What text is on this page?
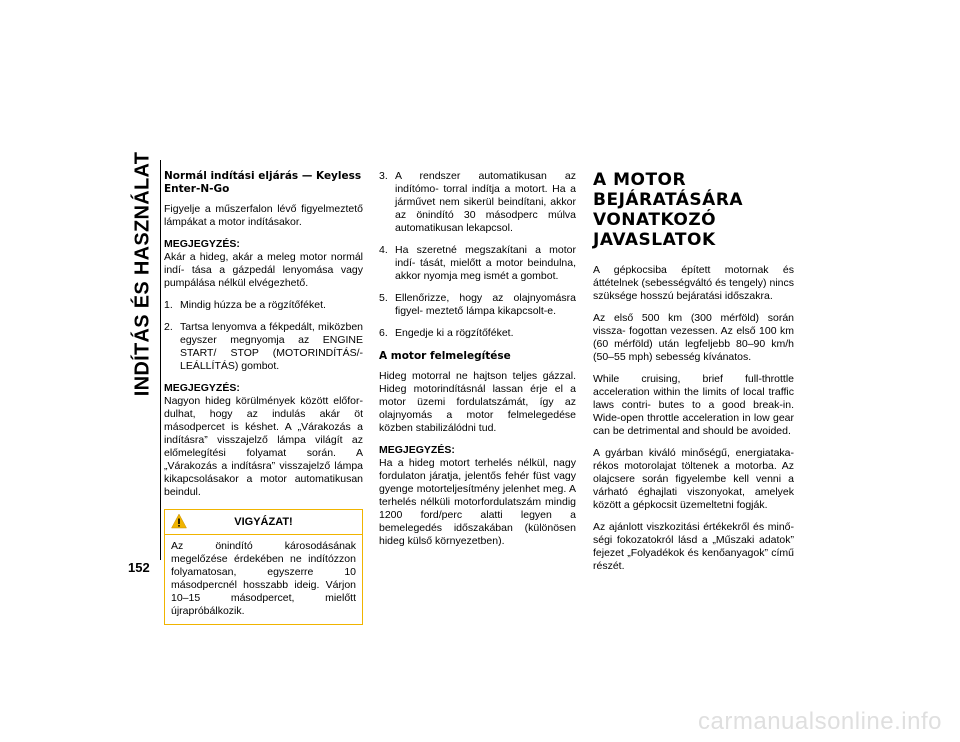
INDÍTÁS ÉS HASZNÁLAT
152
Normál indítási eljárás — Keyless Enter-N-Go

Figyelje a műszerfalon lévő figyelmeztető lámpákat a motor indításakor.

MEGJEGYZÉS:
Akár a hideg, akár a meleg motor normál indí- tása a gázpedál lenyomása vagy pumpálása nélkül elvégezhető.
1. Mindig húzza be a rögzítőféket.
2. Tartsa lenyomva a fékpedált, miközben egyszer megnyomja az ENGINE START/ STOP (MOTORINDÍTÁS/-LEÁLLÍTÁS) gombot.
MEGJEGYZÉS:
Nagyon hideg körülmények között előfor- dulhat, hogy az indulás akár öt másodpercet is késhet. A „Várakozás a indításra” visszajelző lámpa világít az előmelegítési folyamat során. A „Várakozás a indításra” visszajelző lámpa kikapcsolásakor a motor automatikusan beindul.
VIGYÁZAT!
Az önindító károsodásának megelőzése érdekében ne indítózzon folyamatosan, egyszerre 10 másodpercnél hosszabb ideig. Várjon 10–15 másodpercet, mielőtt újrapróbálkozik.
3. A rendszer automatikusan az indítómo- torral indítja a motort. Ha a járművet nem sikerül beindítani, akkor az önindító 30 másodperc múlva automatikusan lekapcsol.
4. Ha szeretné megszakítani a motor indí- tását, mielőtt a motor beindulna, akkor nyomja meg ismét a gombot.
5. Ellenőrizze, hogy az olajnyomásra figyel- meztető lámpa kikapcsolt-e.
6. Engedje ki a rögzítőféket.
A motor felmelegítése

Hideg motorral ne hajtson teljes gázzal. Hideg motorindításnál lassan érje el a motor üzemi fordulatszámát, így az olajnyomás a motor felmelegedése közben stabilizálódni tud.

MEGJEGYZÉS:
Ha a hideg motort terhelés nélkül, nagy fordulaton járatja, jelentős fehér füst vagy gyenge motorteljesítmény jelenhet meg. A terhelés nélküli motorfordulatszám mindig 1200 ford/perc alatti legyen a bemelegedés időszakában (különösen hideg külső környezetben).
A MOTOR BEJÁRATÁSÁRA VONATKOZÓ JAVASLATOK

A gépkocsiba épített motornak és áttételnek (sebességváltó és tengely) nincs szüksége hosszú bejáratási időszakra.

Az első 500 km (300 mérföld) során vissza- fogottan vezessen. Az első 100 km (60 mérföld) után legfeljebb 80–90 km/h (50–55 mph) sebesség kívánatos.

While cruising, brief full-throttle acceleration within the limits of local traffic laws contri- butes to a good break-in. Wide-open throttle acceleration in low gear can be detrimental and should be avoided.

A gyárban kiváló minőségű, energiataka- rékos motorolajat töltenek a motorba. Az olajcsere során figyelembe kell venni a várható éghajlati viszonyokat, amelyek között a gépkocsit üzemeltetni fogják.

Az ajánlott viszkozitási értékekről és minő- ségi fokozatokról lásd a „Műszaki adatok” fejezet „Folyadékok és kenőanyagok” című részét.

carmanualsonline.info
